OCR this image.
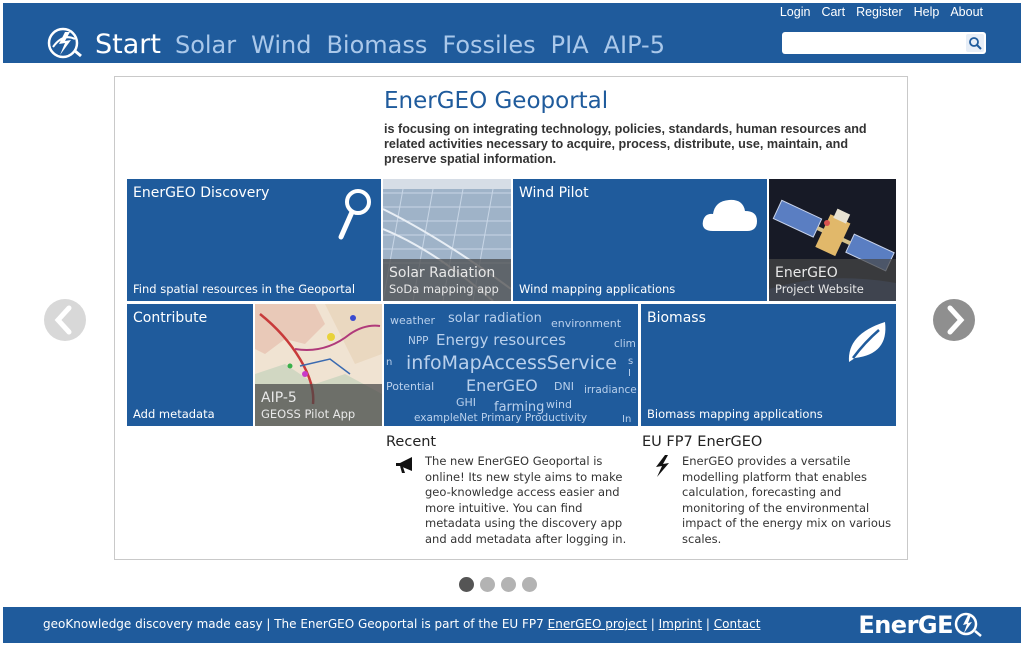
Start Solar Wind Biomass Fossiles PIA AIP-5
Login Cart Register Help About
EnerGEO Geoportal
is focusing on integrating technology, policies, standards, human resources and related activities necessary to acquire, process, distribute, use, maintain, and preserve spatial information.
EnerGEO Discovery
Find spatial resources in the Geoportal
Solar Radiation
SoDa mapping app
Wind Pilot
Wind mapping applications
EnerGEO
Project Website
Contribute
Add metadata
AIP-5
GEOSS Pilot App
weather solar radiation environment
NPP Energy resources	clim
infoMapAccessService s
I
n
Potential EnerGEO DNI irradiance
GHI farming wind
exampleNet Primary Productivity	In
Biomass
Biomass mapping applications
Recent
The new EnerGEO Geoportal is online! Its new style aims to make geo-knowledge access easier and more intuitive. You can find metadata using the discovery app and add metadata after logging in.
EU FP7 EnerGEO
EnerGEO provides a versatile modelling platform that enables calculation, forecasting and monitoring of the environmental impact of the energy mix on various scales.
geoKnowledge discovery made easy | The EnerGEO Geoportal is part of the EU FP7 EnerGEO project | Imprint | Contact	EnerGE
